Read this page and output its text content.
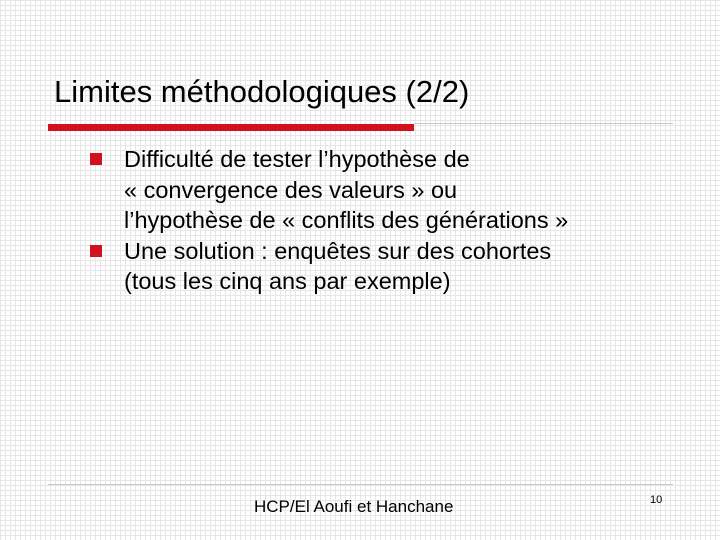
Limites méthodologiques (2/2)
Difficulté de tester l’hypothèse de
« convergence des valeurs » ou
l’hypothèse de « conflits des générations »
Une solution : enquêtes sur des cohortes
(tous les cinq ans par exemple)
HCP/El Aoufi et Hanchane	10
